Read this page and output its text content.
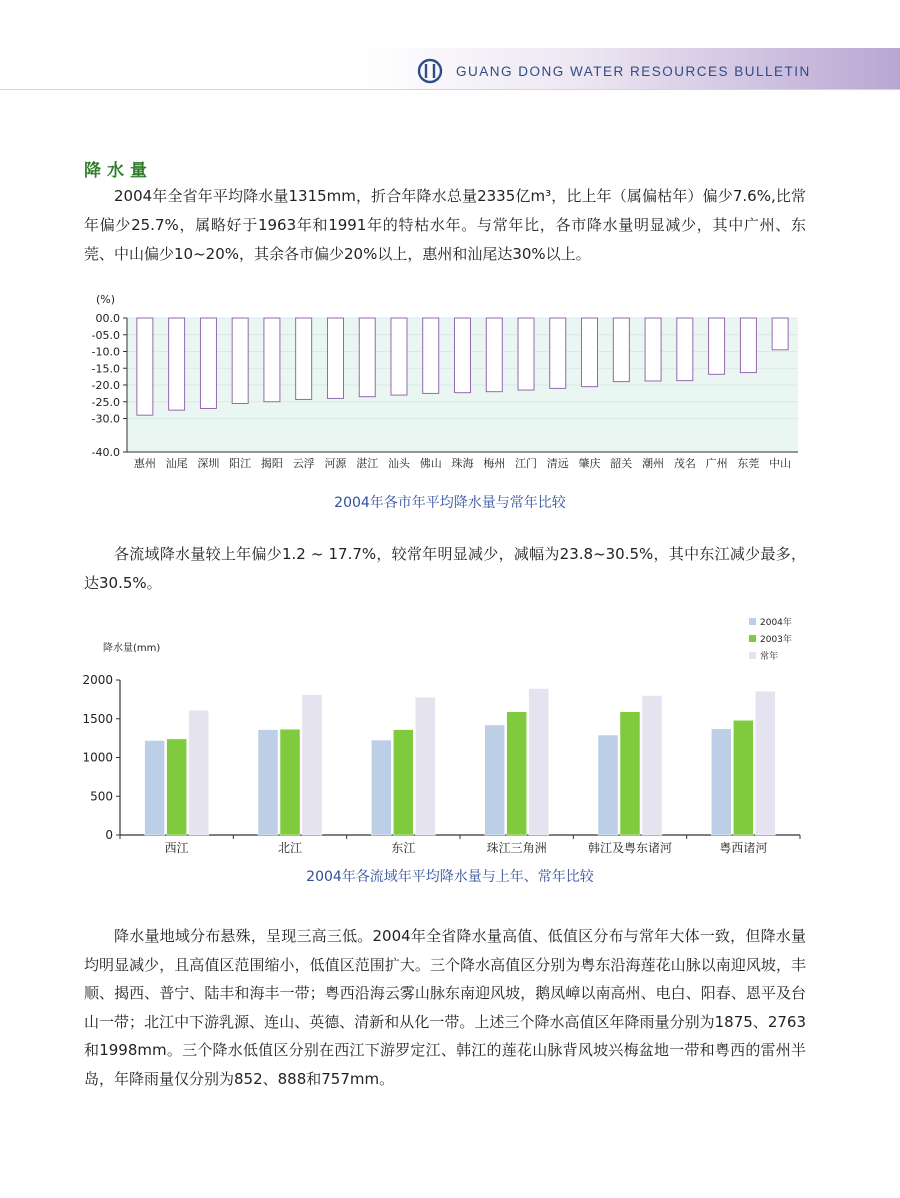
GUANG DONG WATER RESOURCES BULLETIN
降水量

2004年全省年平均降水量1315mm，折合年降水总量2335亿m³，比上年（属偏枯年）偏少7.6%,比常年偏少25.7%，属略好于1963年和1991年的特枯水年。与常年比，各市降水量明显减少，其中广州、东莞、中山偏少10~20%，其余各市偏少20%以上，惠州和汕尾达30%以上。

00.0
-05.0
-10.0
-15.0
-20.0
-25.0
-30.0
-40.0
(%)
惠州 汕尾 深圳 阳江 揭阳 云浮 河源 湛江 汕头 佛山 珠海 梅州 江门 清远 肇庆 韶关 潮州 茂名 广州 东莞 中山
2004年各市年平均降水量与常年比较

各流域降水量较上年偏少1.2 ~ 17.7%，较常年明显减少，减幅为23.8~30.5%，其中东江减少最多，达30.5%。

降水量(mm)
0
500
1000
1500
2000
西江	北江	东江	珠江三角洲	韩江及粤东诸河	粤西诸河
2004年
2003年
常年
2004年各流域年平均降水量与上年、常年比较

降水量地域分布悬殊，呈现三高三低。2004年全省降水量高值、低值区分布与常年大体一致，但降水量均明显减少，且高值区范围缩小，低值区范围扩大。三个降水高值区分别为粤东沿海莲花山脉以南迎风坡，丰顺、揭西、普宁、陆丰和海丰一带；粤西沿海云雾山脉东南迎风坡，鹅凤嶂以南高州、电白、阳春、恩平及台山一带；北江中下游乳源、连山、英德、清新和从化一带。上述三个降水高值区年降雨量分别为1875、2763和1998mm。三个降水低值区分别在西江下游罗定江、韩江的莲花山脉背风坡兴梅盆地一带和粤西的雷州半岛，年降雨量仅分别为852、888和757mm。
